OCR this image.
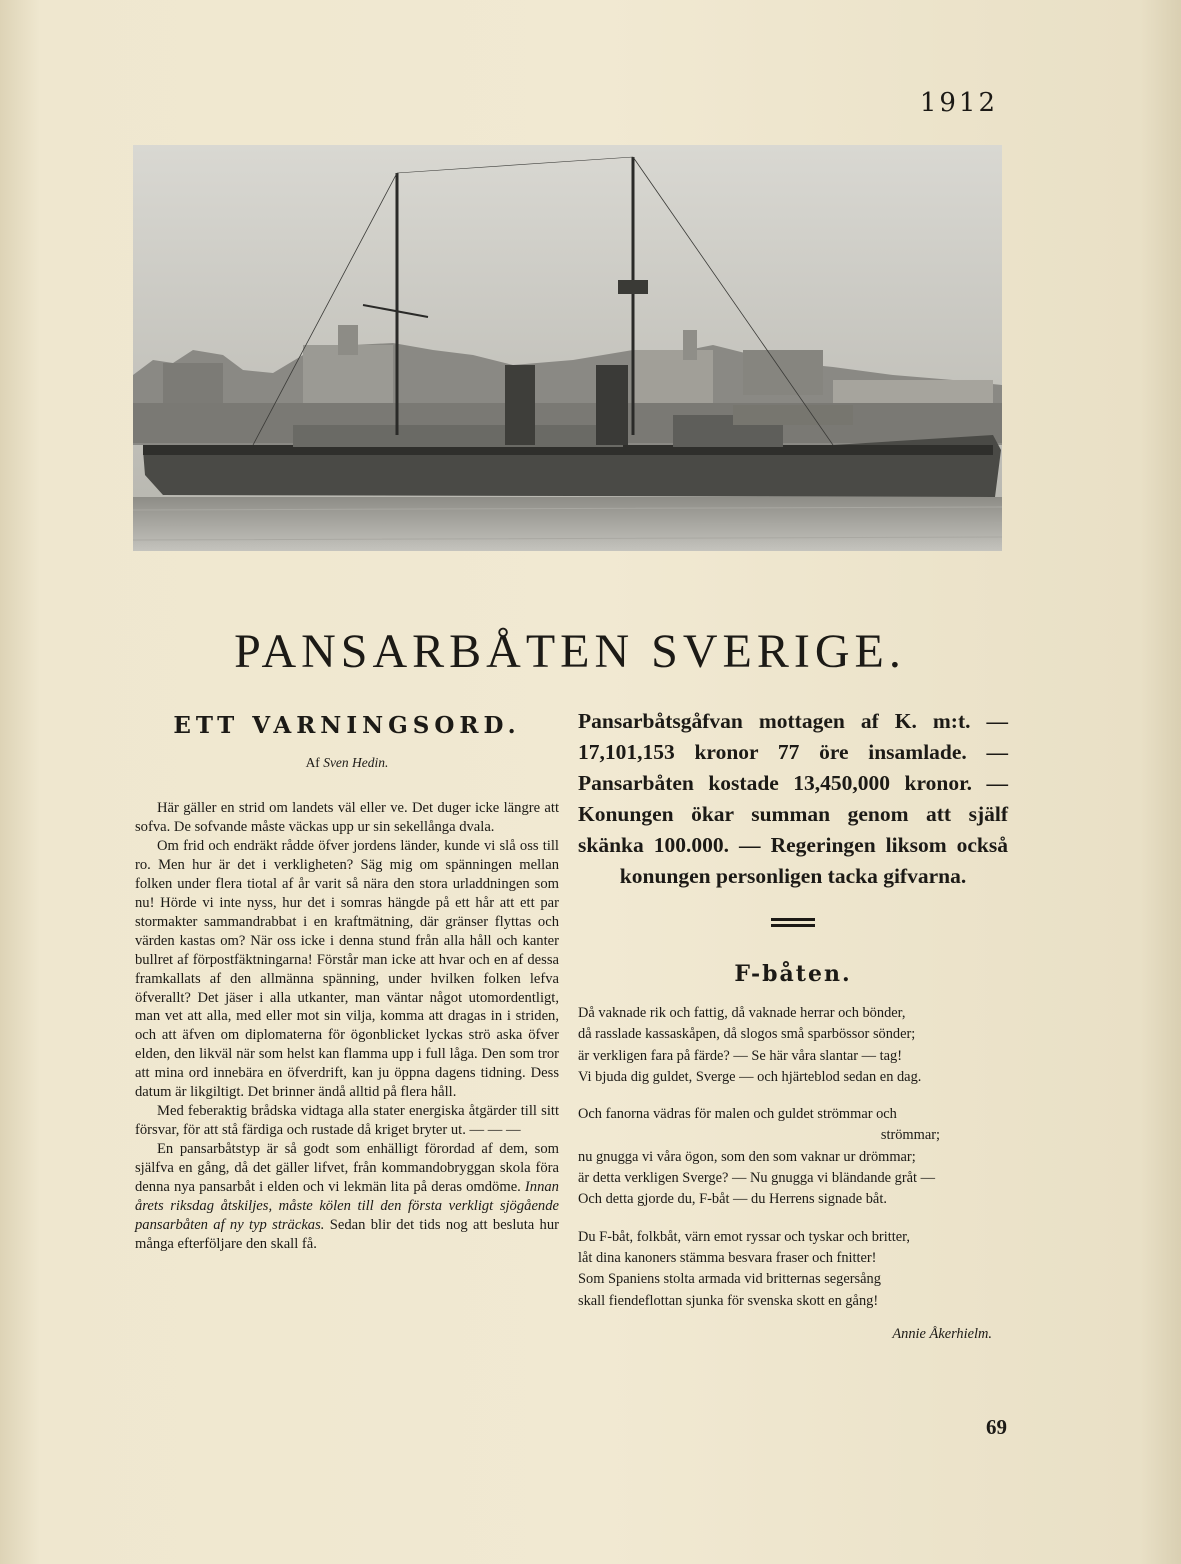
1912
PANSARBÅTEN SVERIGE.
ETT VARNINGSORD.
Af Sven Hedin.

Här gäller en strid om landets väl eller ve. Det duger icke längre att sofva. De sofvande måste väckas upp ur sin sekellånga dvala.

Om frid och endräkt rådde öfver jordens länder, kunde vi slå oss till ro. Men hur är det i verkligheten? Säg mig om spänningen mellan folken under flera tiotal af år varit så nära den stora urladdningen som nu! Hörde vi inte nyss, hur det i somras hängde på ett hår att ett par stormakter sammandrabbat i en kraftmätning, där gränser flyttas och värden kastas om? När oss icke i denna stund från alla håll och kanter bullret af förpostfäktningarna! Förstår man icke att hvar och en af dessa framkallats af den allmänna spänning, under hvilken folken lefva öfverallt? Det jäser i alla utkanter, man väntar något utomordentligt, man vet att alla, med eller mot sin vilja, komma att dragas in i striden, och att äfven om diplomaterna för ögonblicket lyckas strö aska öfver elden, den likväl när som helst kan flamma upp i full låga. Den som tror att mina ord innebära en öfverdrift, kan ju öppna dagens tidning. Dess datum är likgiltigt. Det brinner ändå alltid på flera håll.

Med feberaktig brådska vidtaga alla stater energiska åtgärder till sitt försvar, för att stå färdiga och rustade då kriget bryter ut. — — —

En pansarbåtstyp är så godt som enhälligt förordad af dem, som själfva en gång, då det gäller lifvet, från kommandobryggan skola föra denna nya pansarbåt i elden och vi lekmän lita på deras omdöme. Innan årets riksdag åtskiljes, måste kölen till den första verkligt sjögående pansarbåten af ny typ sträckas. Sedan blir det tids nog att besluta hur många efterföljare den skall få.

Pansarbåtsgåfvan mottagen af K. m:t. — 17,101,153 kronor 77 öre insamlade. — Pansarbåten kostade 13,450,000 kronor. — Konungen ökar summan genom att själf skänka 100.000. — Regeringen liksom också konungen personligen tacka gifvarna.

F-båten.
Då vaknade rik och fattig, då vaknade herrar och bönder,
då rasslade kassaskåpen, då slogos små sparbössor sönder;
är verkligen fara på färde? — Se här våra slantar — tag!
Vi bjuda dig guldet, Sverge — och hjärteblod sedan en dag.
Och fanorna vädras för malen och guldet strömmar och
strömmar;
nu gnugga vi våra ögon, som den som vaknar ur drömmar;
är detta verkligen Sverge? — Nu gnugga vi bländande gråt —
Och detta gjorde du, F-båt — du Herrens signade båt.
Du F-båt, folkbåt, värn emot ryssar och tyskar och britter,
låt dina kanoners stämma besvara fraser och fnitter!
Som Spaniens stolta armada vid britternas segersång
skall fiendeflottan sjunka för svenska skott en gång!
Annie Åkerhielm.
69
